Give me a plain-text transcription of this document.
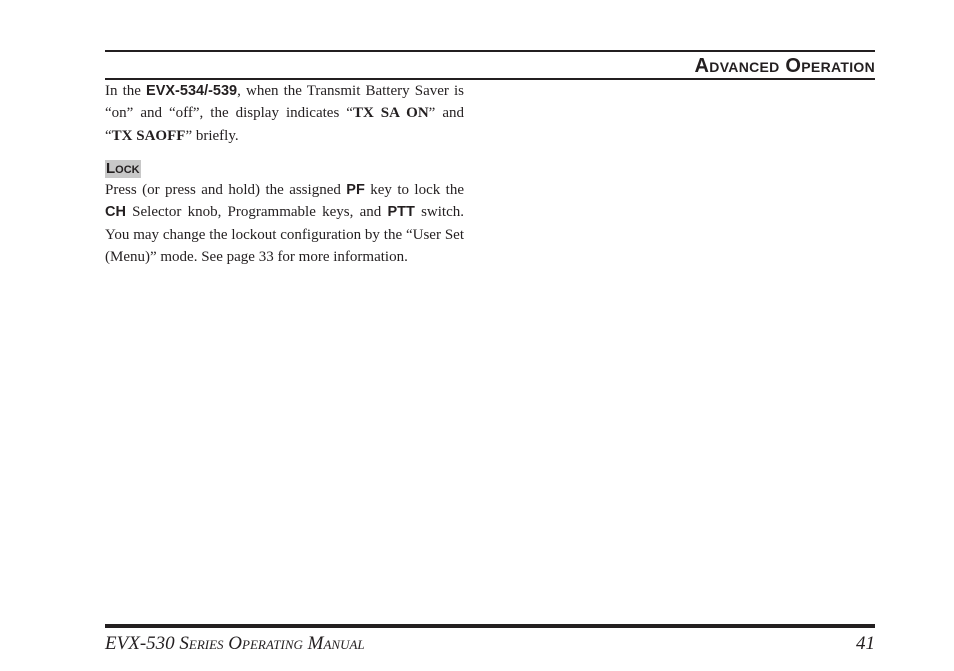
Advanced Operation
In the EVX-534/-539, when the Transmit Battery Saver is “on” and “off”, the display indicates “TX SA ON” and “TX SAOFF” briefly.
Lock
Press (or press and hold) the assigned PF key to lock the CH Selector knob, Programmable keys, and PTT switch. You may change the lockout configuration by the “User Set (Menu)” mode. See page 33 for more information.
EVX-530 Series Operating Manual	41
